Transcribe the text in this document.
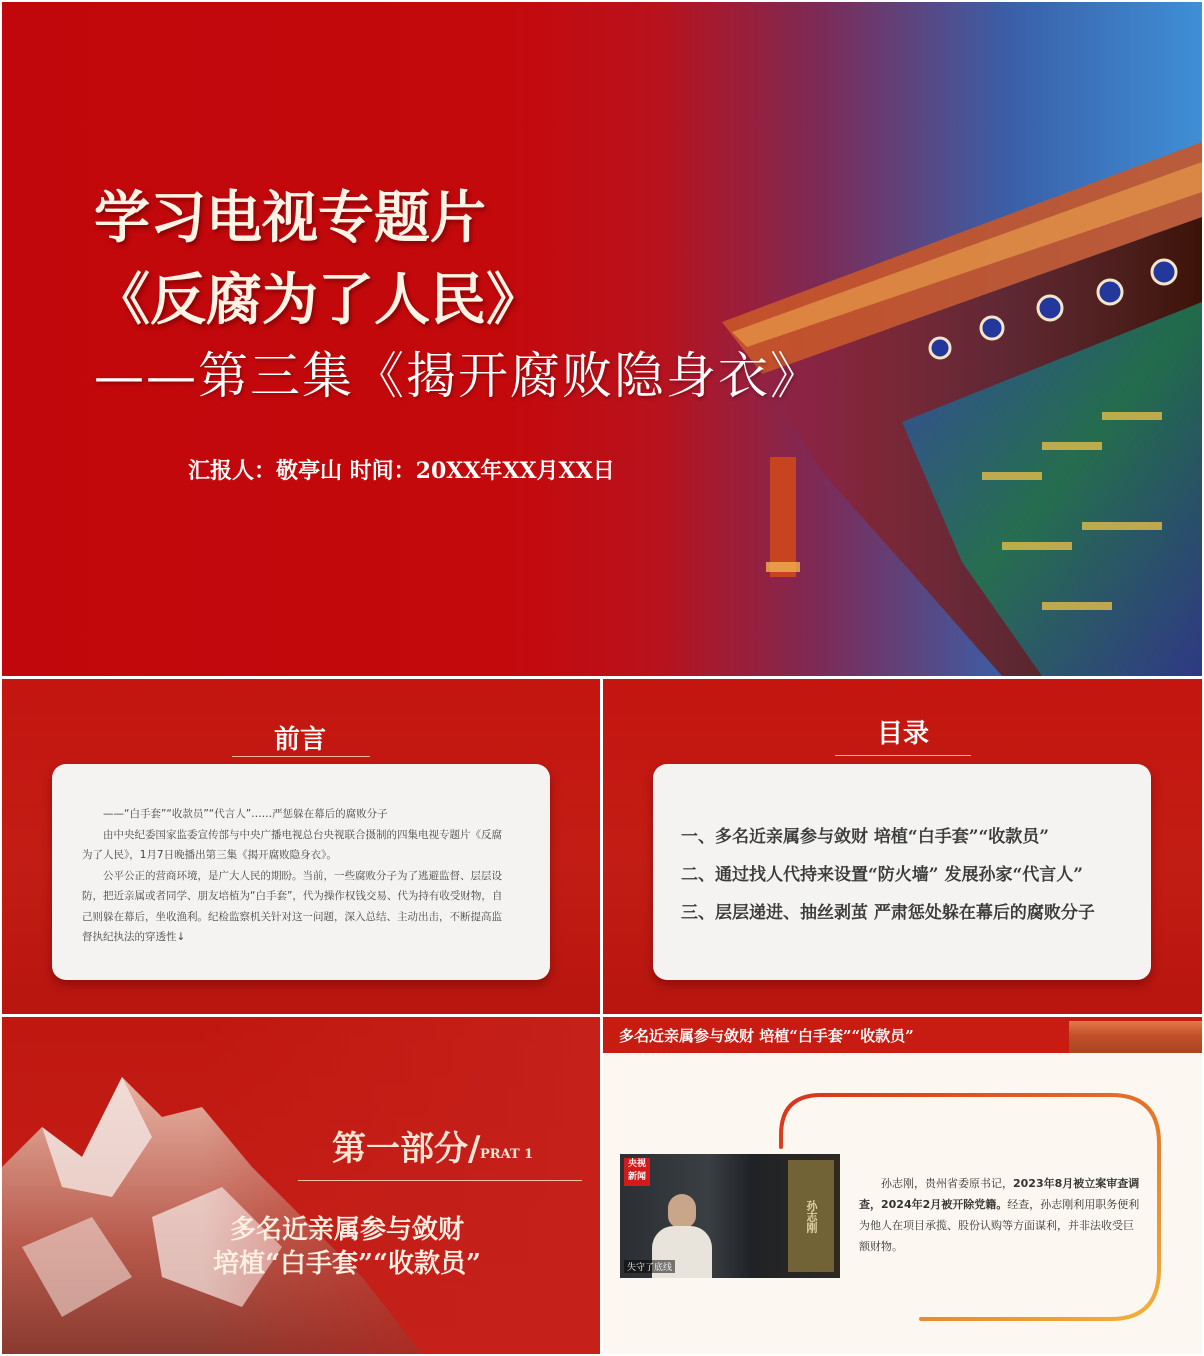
学习电视专题片
《反腐为了人民》
——第三集《揭开腐败隐身衣》
汇报人：敬亭山 时间：20XX年XX月XX日
前言

——“白手套”“收款员”“代言人”……严惩躲在幕后的腐败分子

由中央纪委国家监委宣传部与中央广播电视总台央视联合摄制的四集电视专题片《反腐为了人民》，1月7日晚播出第三集《揭开腐败隐身衣》。

公平公正的营商环境，是广大人民的期盼。当前，一些腐败分子为了逃避监督、层层设防，把近亲属或者同学、朋友培植为“白手套”，代为操作权钱交易、代为持有收受财物，自己则躲在幕后，坐收渔利。纪检监察机关针对这一问题，深入总结、主动出击，不断提高监督执纪执法的穿透性↓

目录
一、多名近亲属参与敛财 培植“白手套”“收款员”
二、通过找人代持来设置“防火墙” 发展孙家“代言人”
三、层层递进、抽丝剥茧 严肃惩处躲在幕后的腐败分子
第一部分/ PRAT 1
多名近亲属参与敛财
培植“白手套”“收款员”
多名近亲属参与敛财 培植“白手套”“收款员”
央视
新闻
孙志刚
失守了底线
孙志刚，贵州省委原书记，2023年8月被立案审查调查，2024年2月被开除党籍。经查，孙志刚利用职务便利为他人在项目承揽、股份认购等方面谋利，并非法收受巨额财物。
